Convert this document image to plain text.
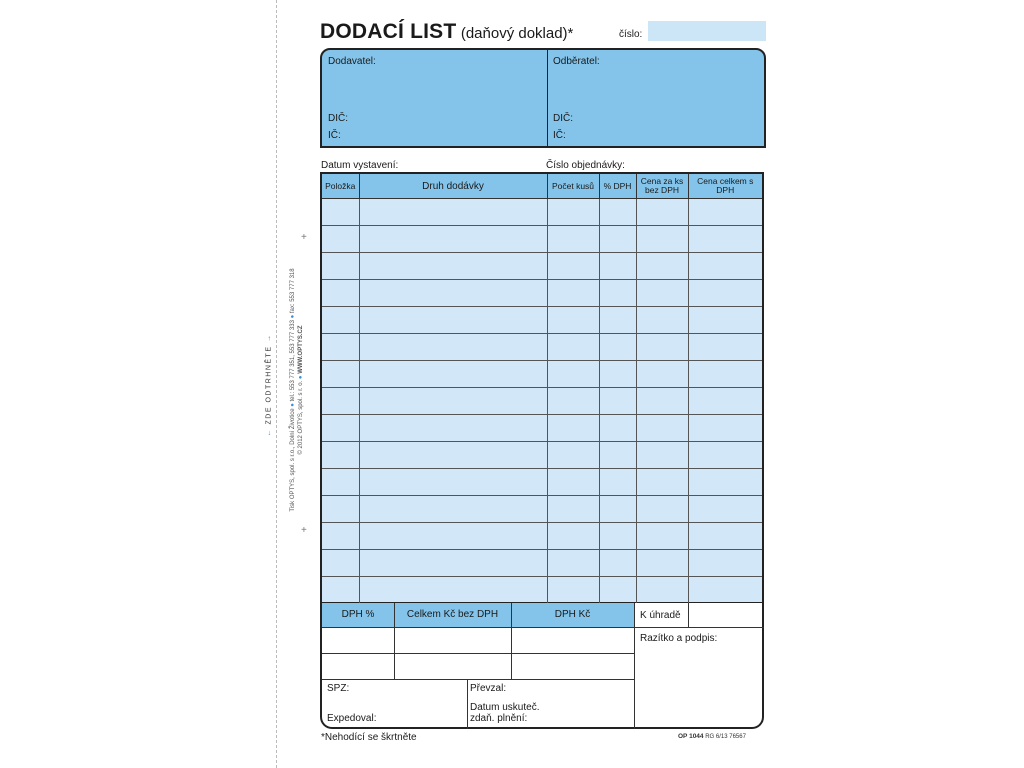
← ZDE ODTRHNĚTE →
Tisk OPTYS, spol. s r.o., Dolní Životice ● tel.: 553 777 351, 553 777 333 ● fax: 553 777 318
© 2012 OPTYS, spol. s r. o. ● WWW.OPTYS.CZ
+
+
DODACÍ LIST (daňový doklad)*	číslo:
Dodavatel:
DIČ:
IČ:
Odběratel:
DIČ:
IČ:
Datum vystavení:	Číslo objednávky:
Položka	Druh dodávky	Počet kusů	% DPH	Cena za ks bez DPH	Cena celkem s DPH

DPH %	Celkem Kč bez DPH	DPH Kč	K úhradě
Razítko a podpis:
SPZ:	Převzal:
Expedoval:
Datum uskuteč.
zdaň. plnění:
*Nehodící se škrtněte	OP 1044 RG 6/13 76567
